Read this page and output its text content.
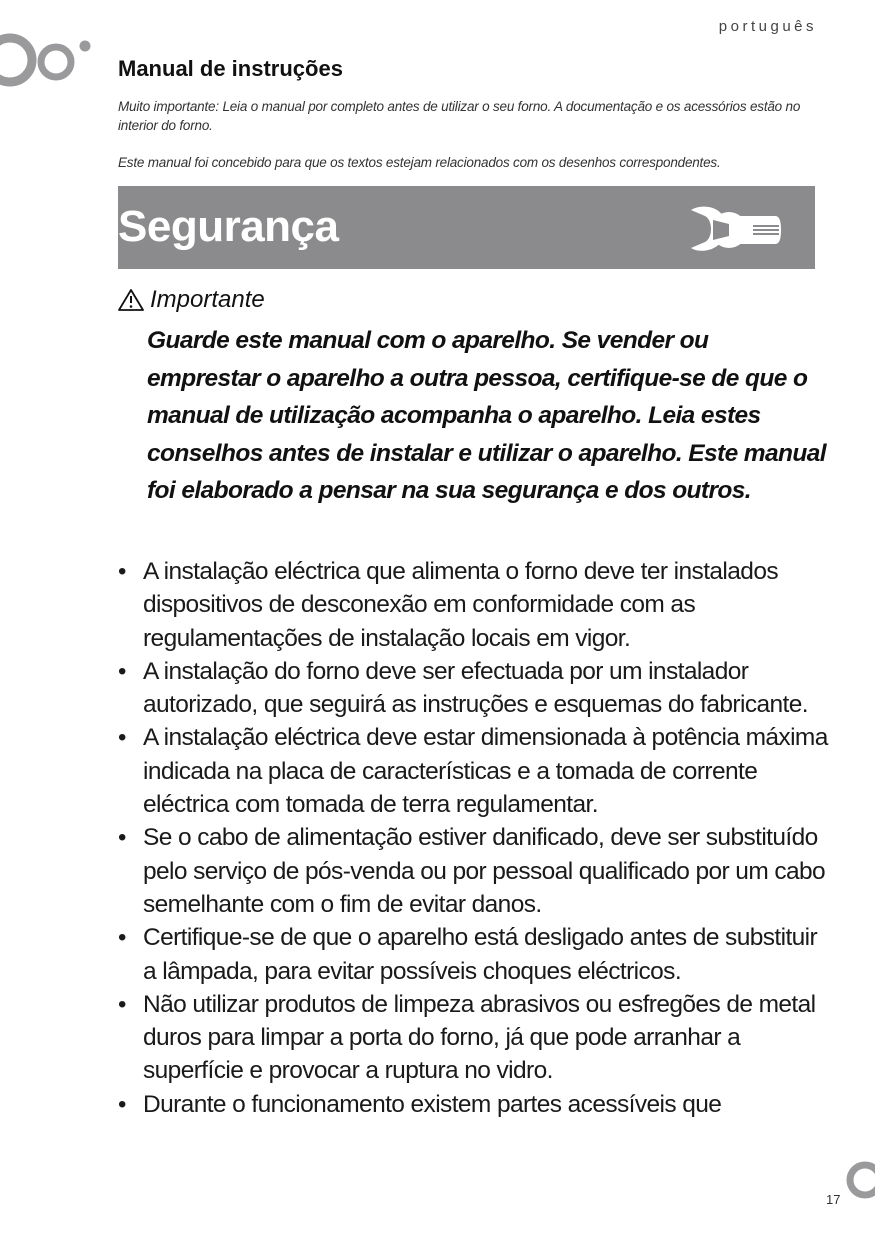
português
Manual de instruções

Muito importante: Leia o manual por completo antes de utilizar o seu forno. A documentação e os acessórios estão no interior do forno.

Este manual foi concebido para que os textos estejam relacionados com os desenhos correspondentes.

Segurança
Importante

Guarde este manual com o aparelho. Se vender ou emprestar o aparelho a outra pessoa, certifique-se de que o manual de utilização acompanha o aparelho. Leia estes conselhos antes de instalar e utilizar o aparelho. Este manual foi elaborado a pensar na sua segurança e dos outros.

• A instalação eléctrica que alimenta o forno deve ter instalados dispositivos de desconexão em conformidade com as regulamentações de instalação locais em vigor.
• A instalação do forno deve ser efectuada por um instalador autorizado, que seguirá as instruções e esquemas do fabricante.
• A instalação eléctrica deve estar dimensionada à potência máxima indicada na placa de características e a tomada de corrente eléctrica com tomada de terra regulamentar.
• Se o cabo de alimentação estiver danificado, deve ser substituído pelo serviço de pós-venda ou por pessoal qualificado por um cabo semelhante com o fim de evitar danos.
• Certifique-se de que o aparelho está desligado antes de substituir a lâmpada, para evitar possíveis choques eléctricos.
• Não utilizar produtos de limpeza abrasivos ou esfregões de metal duros para limpar a porta do forno, já que pode arranhar a superfície e provocar a ruptura no vidro.
• Durante o funcionamento existem partes acessíveis que
17
